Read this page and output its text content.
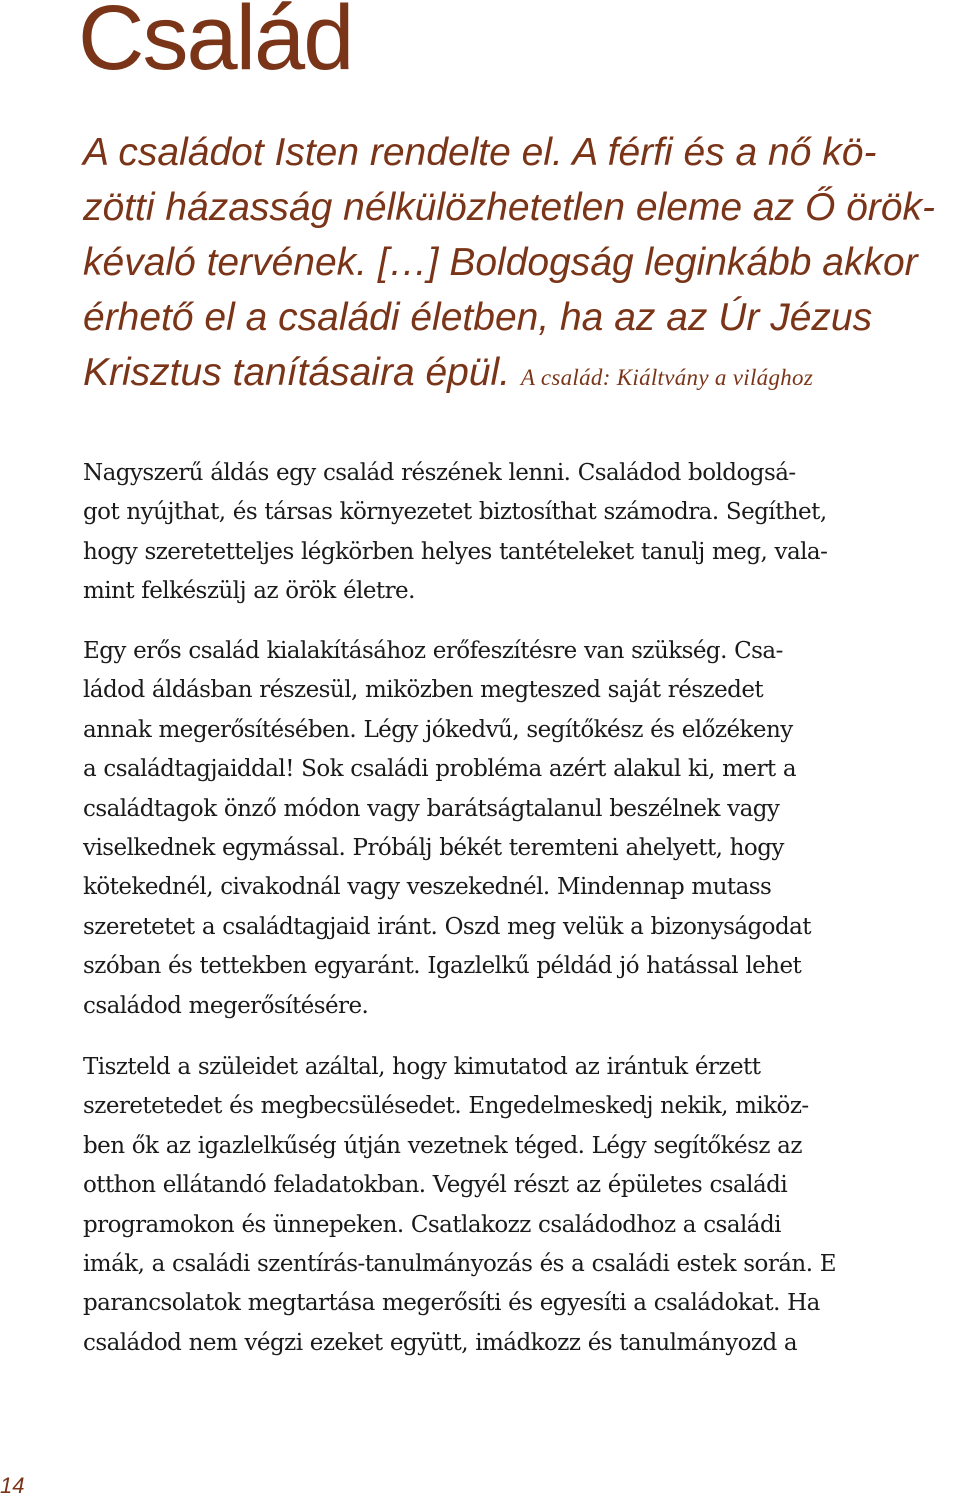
Család
A családot Isten rendelte el. A férfi és a nő kö-
zötti házasság nélkülözhetetlen eleme az Ő örök-
kévaló tervének. […] Boldogság leginkább akkor
érhető el a családi életben, ha az az Úr Jézus
Krisztus tanításaira épül. A család: Kiáltvány a világhoz
Nagyszerű áldás egy család részének lenni. Családod boldogsá-
got nyújthat, és társas környezetet biztosíthat számodra. Segíthet,
hogy szeretetteljes légkörben helyes tantételeket tanulj meg, vala-
mint felkészülj az örök életre.
Egy erős család kialakításához erőfeszítésre van szükség. Csa-
ládod áldásban részesül, miközben megteszed saját részedet
annak megerősítésében. Légy jókedvű, segítőkész és előzékeny
a családtagjaiddal! Sok családi probléma azért alakul ki, mert a
családtagok önző módon vagy barátságtalanul beszélnek vagy
viselkednek egymással. Próbálj békét teremteni ahelyett, hogy
kötekednél, civakodnál vagy veszekednél. Mindennap mutass
szeretetet a családtagjaid iránt. Oszd meg velük a bizonyságodat
szóban és tettekben egyaránt. Igazlelkű példád jó hatással lehet
családod megerősítésére.
Tiszteld a szüleidet azáltal, hogy kimutatod az irántuk érzett
szeretetedet és megbecsülésedet. Engedelmeskedj nekik, miköz-
ben ők az igazlelkűség útján vezetnek téged. Légy segítőkész az
otthon ellátandó feladatokban. Vegyél részt az épületes családi
programokon és ünnepeken. Csatlakozz családodhoz a családi
imák, a családi szentírás-tanulmányozás és a családi estek során. E
parancsolatok megtartása megerősíti és egyesíti a családokat. Ha
családod nem végzi ezeket együtt, imádkozz és tanulmányozd a
14
